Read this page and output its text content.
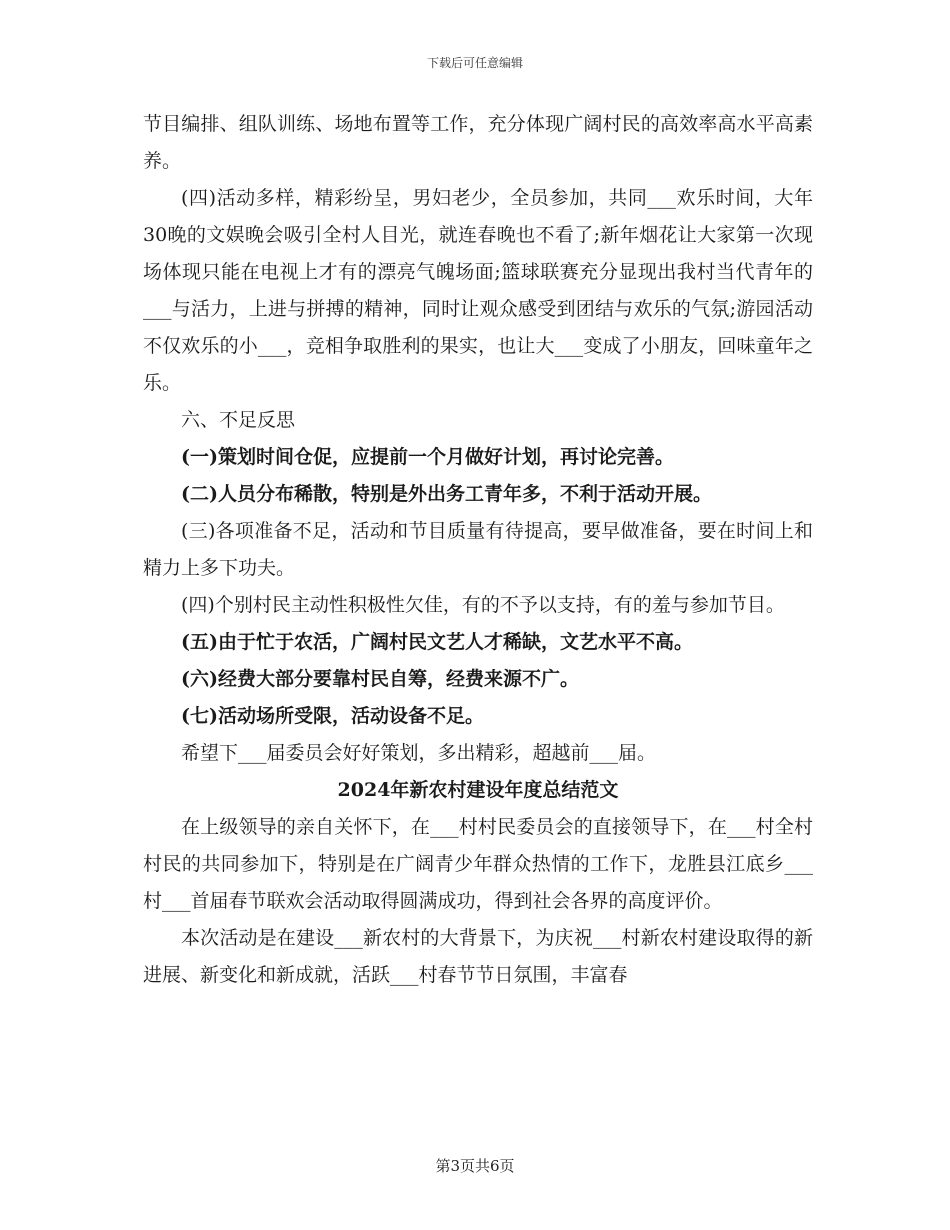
下载后可任意编辑

节目编排、组队训练、场地布置等工作，充分体现广阔村民的高效率高水平高素养。

(四)活动多样，精彩纷呈，男妇老少，全员参加，共同___欢乐时间，大年30晚的文娱晚会吸引全村人目光，就连春晚也不看了;新年烟花让大家第一次现场体现只能在电视上才有的漂亮气魄场面;篮球联赛充分显现出我村当代青年的___与活力，上进与拼搏的精神，同时让观众感受到团结与欢乐的气氛;游园活动不仅欢乐的小___，竞相争取胜利的果实，也让大___变成了小朋友，回味童年之乐。

六、不足反思

(一)策划时间仓促，应提前一个月做好计划，再讨论完善。

(二)人员分布稀散，特别是外出务工青年多，不利于活动开展。

(三)各项准备不足，活动和节目质量有待提高，要早做准备，要在时间上和精力上多下功夫。

(四)个别村民主动性积极性欠佳，有的不予以支持，有的羞与参加节目。

(五)由于忙于农活，广阔村民文艺人才稀缺，文艺水平不高。

(六)经费大部分要靠村民自筹，经费来源不广。

(七)活动场所受限，活动设备不足。

希望下___届委员会好好策划，多出精彩，超越前___届。

2024年新农村建设年度总结范文

在上级领导的亲自关怀下，在___村村民委员会的直接领导下，在___村全村村民的共同参加下，特别是在广阔青少年群众热情的工作下，龙胜县江底乡___村___首届春节联欢会活动取得圆满成功，得到社会各界的高度评价。

本次活动是在建设___新农村的大背景下，为庆祝___村新农村建设取得的新进展、新变化和新成就，活跃___村春节节日氛围，丰富春

第3页共6页
